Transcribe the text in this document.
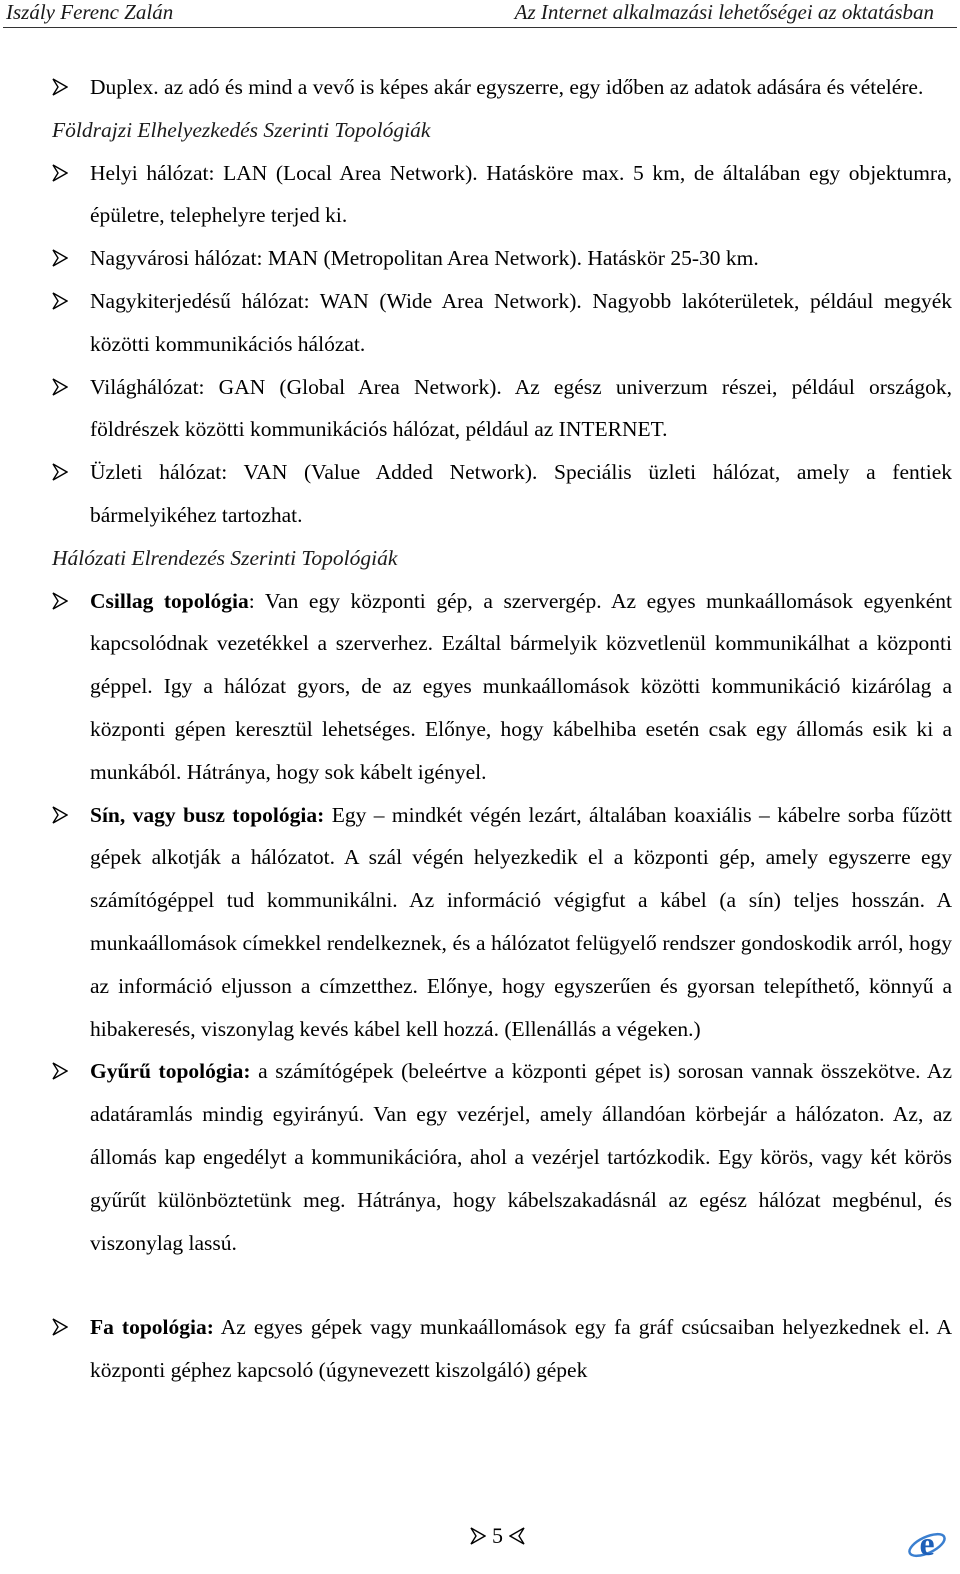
Iszály Ferenc Zalán	Az Internet alkalmazási lehetőségei az oktatásban
Duplex. az adó és mind a vevő is képes akár egyszerre, egy időben az adatok adására és vételére.
Földrajzi Elhelyezkedés Szerinti Topológiák
Helyi hálózat: LAN (Local Area Network). Hatásköre max. 5 km, de általában egy objektumra, épületre, telephelyre terjed ki.
Nagyvárosi hálózat: MAN (Metropolitan Area Network). Hatáskör 25-30 km.
Nagykiterjedésű hálózat: WAN (Wide Area Network). Nagyobb lakóterületek, például megyék közötti kommunikációs hálózat.
Világhálózat: GAN (Global Area Network). Az egész univerzum részei, például országok, földrészek közötti kommunikációs hálózat, például az INTERNET.
Üzleti hálózat: VAN (Value Added Network). Speciális üzleti hálózat, amely a fentiek bármelyikéhez tartozhat.
Hálózati Elrendezés Szerinti Topológiák
Csillag topológia: Van egy központi gép, a szervergép. Az egyes munkaállomások egyenként kapcsolódnak vezetékkel a szerverhez. Ezáltal bármelyik közvetlenül kommunikálhat a központi géppel. Igy a hálózat gyors, de az egyes munkaállomások közötti kommunikáció kizárólag a központi gépen keresztül lehetséges. Előnye, hogy kábelhiba esetén csak egy állomás esik ki a munkából. Hátránya, hogy sok kábelt igényel.
Sín, vagy busz topológia: Egy – mindkét végén lezárt, általában koaxiális – kábelre sorba fűzött gépek alkotják a hálózatot. A szál végén helyezkedik el a központi gép, amely egyszerre egy számítógéppel tud kommunikálni. Az információ végigfut a kábel (a sín) teljes hosszán. A munkaállomások címekkel rendelkeznek, és a hálózatot felügyelő rendszer gondoskodik arról, hogy az információ eljusson a címzetthez. Előnye, hogy egyszerűen és gyorsan telepíthető, könnyű a hibakeresés, viszonylag kevés kábel kell hozzá. (Ellenállás a végeken.)
Gyűrű topológia: a számítógépek (beleértve a központi gépet is) sorosan vannak összekötve. Az adatáramlás mindig egyirányú. Van egy vezérjel, amely állandóan körbejár a hálózaton. Az, az állomás kap engedélyt a kommunikációra, ahol a vezérjel tartózkodik. Egy körös, vagy két körös gyűrűt különböztetünk meg. Hátránya, hogy kábelszakadásnál az egész hálózat megbénul, és viszonylag lassú.
Fa topológia: Az egyes gépek vagy munkaállomások egy fa gráf csúcsaiban helyezkednek el. A központi géphez kapcsoló (úgynevezett kiszolgáló) gépek
5	e
